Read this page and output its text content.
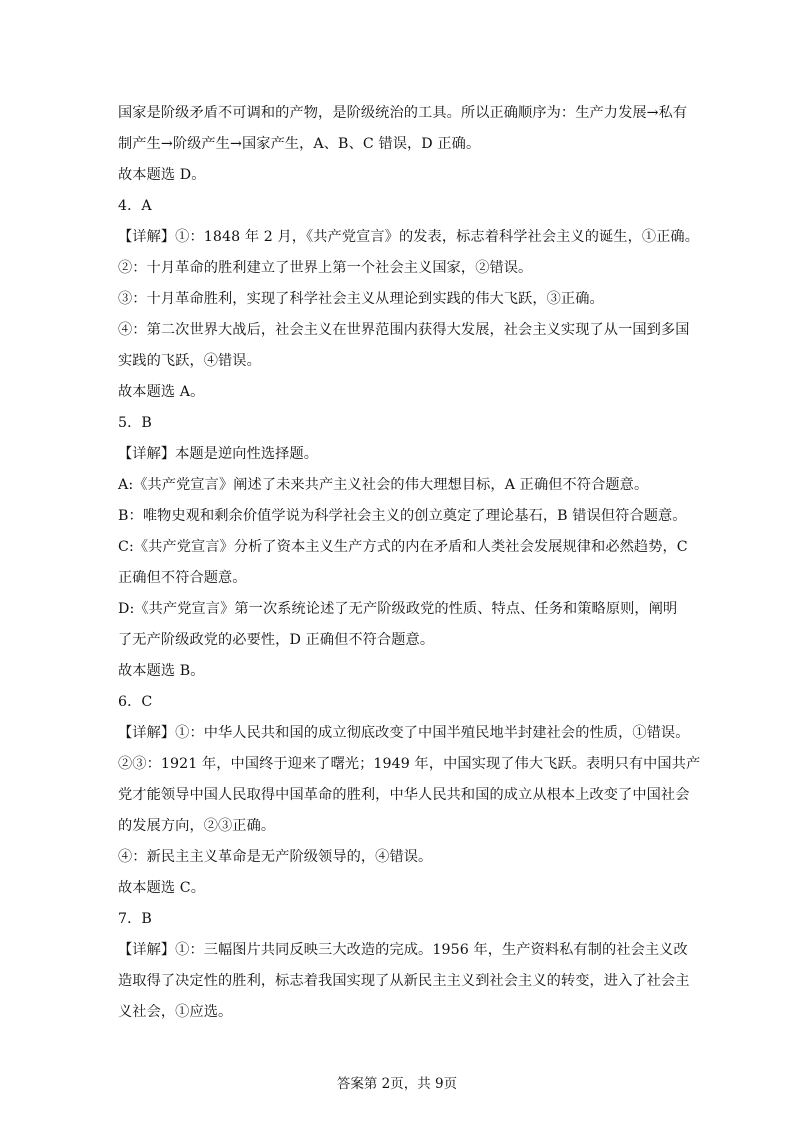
国家是阶级矛盾不可调和的产物，是阶级统治的工具。所以正确顺序为：生产力发展→私有
制产生→阶级产生→国家产生，A、B、C 错误，D 正确。
故本题选 D。
4．A
【详解】①：1848 年 2 月，《共产党宣言》的发表，标志着科学社会主义的诞生，①正确。
②：十月革命的胜利建立了世界上第一个社会主义国家，②错误。
③：十月革命胜利，实现了科学社会主义从理论到实践的伟大飞跃，③正确。
④：第二次世界大战后，社会主义在世界范围内获得大发展，社会主义实现了从一国到多国
实践的飞跃，④错误。
故本题选 A。
5．B
【详解】本题是逆向性选择题。
A:《共产党宣言》阐述了未来共产主义社会的伟大理想目标，A 正确但不符合题意。
B：唯物史观和剩余价值学说为科学社会主义的创立奠定了理论基石，B 错误但符合题意。
C:《共产党宣言》分析了资本主义生产方式的内在矛盾和人类社会发展规律和必然趋势，C
正确但不符合题意。
D:《共产党宣言》第一次系统论述了无产阶级政党的性质、特点、任务和策略原则，阐明
了无产阶级政党的必要性，D 正确但不符合题意。
故本题选 B。
6．C
【详解】①：中华人民共和国的成立彻底改变了中国半殖民地半封建社会的性质，①错误。
②③：1921 年，中国终于迎来了曙光；1949 年，中国实现了伟大飞跃。表明只有中国共产
党才能领导中国人民取得中国革命的胜利，中华人民共和国的成立从根本上改变了中国社会
的发展方向，②③正确。
④：新民主主义革命是无产阶级领导的，④错误。
故本题选 C。
7．B
【详解】①：三幅图片共同反映三大改造的完成。1956 年，生产资料私有制的社会主义改
造取得了决定性的胜利，标志着我国实现了从新民主主义到社会主义的转变，进入了社会主
义社会，①应选。
答案第 2页，共 9页
